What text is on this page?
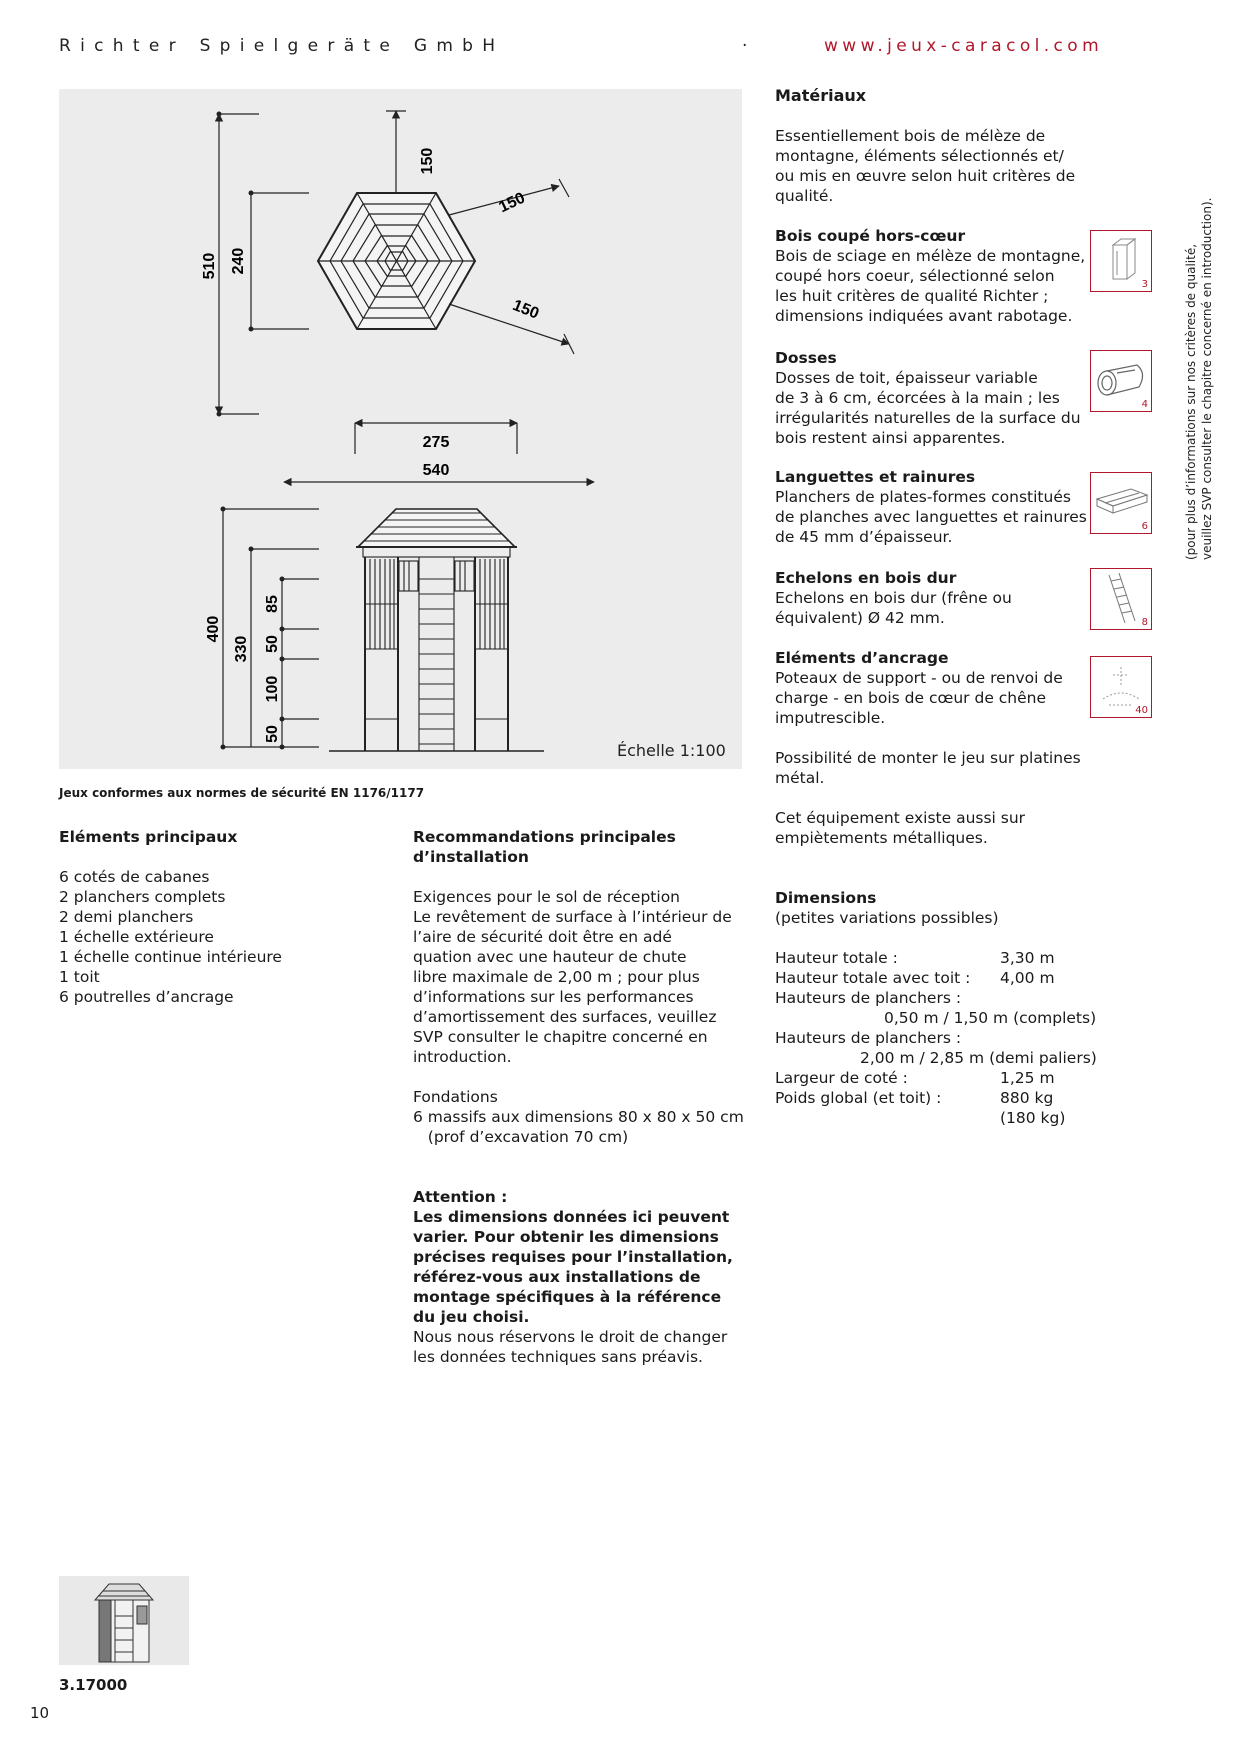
Richter Spielgeräte GmbH	·	www.jeux-caracol.com
510 240
150
150
150
275
540
400
330
85
50
100
50
Échelle 1:100
Jeux conformes aux normes de sécurité EN 1176/1177
Eléments principaux
6 cotés de cabanes
2 planchers complets
2 demi planchers
1 échelle extérieure
1 échelle continue intérieure
1 toit
6 poutrelles d’ancrage
Recommandations principales
d’installation
Exigences pour le sol de réception
Le revêtement de surface à l’intérieur de
l’aire de sécurité doit être en adé
quation avec une hauteur de chute
libre maximale de 2,00 m ; pour plus
d’informations sur les performances
d’amortissement des surfaces, veuillez
SVP consulter le chapitre concerné en
introduction.
Fondations
6 massifs aux dimensions 80 x 80 x 50 cm
(prof d’excavation 70 cm)
Attention :
Les dimensions données ici peuvent
varier. Pour obtenir les dimensions
précises requises pour l’installation,
référez-vous aux installations de
montage spécifiques à la référence
du jeu choisi.
Nous nous réservons le droit de changer
les données techniques sans préavis.
Matériaux
Essentiellement bois de mélèze de
montagne, éléments sélectionnés et/
ou mis en œuvre selon huit critères de
qualité.
Bois coupé hors-cœur
Bois de sciage en mélèze de montagne,
coupé hors coeur, sélectionné selon
les huit critères de qualité Richter ;
dimensions indiquées avant rabotage.
Dosses
Dosses de toit, épaisseur variable
de 3 à 6 cm, écorcées à la main ; les
irrégularités naturelles de la surface du
bois restent ainsi apparentes.
Languettes et rainures
Planchers de plates-formes constitués
de planches avec languettes et rainures
de 45 mm d’épaisseur.
Echelons en bois dur
Echelons en bois dur (frêne ou
équivalent) Ø 42 mm.
Eléments d’ancrage
Poteaux de support - ou de renvoi de
charge - en bois de cœur de chêne
imputrescible.
Possibilité de monter le jeu sur platines
métal.
Cet équipement existe aussi sur
empiètements métalliques.
3
4
6
8
40
(pour plus d’informations sur nos critères de qualité, veuillez SVP consulter le chapitre concerné en introduction).
Dimensions
(petites variations possibles)
Hauteur totale :	3,30 m
Hauteur totale avec toit : 4,00 m
Hauteurs de planchers :
0,50 m / 1,50 m (complets)
Hauteurs de planchers :
2,00 m / 2,85 m (demi paliers)
Largeur de coté :	1,25 m
Poids global (et toit) :	880 kg
(180 kg)
3.17000
10
